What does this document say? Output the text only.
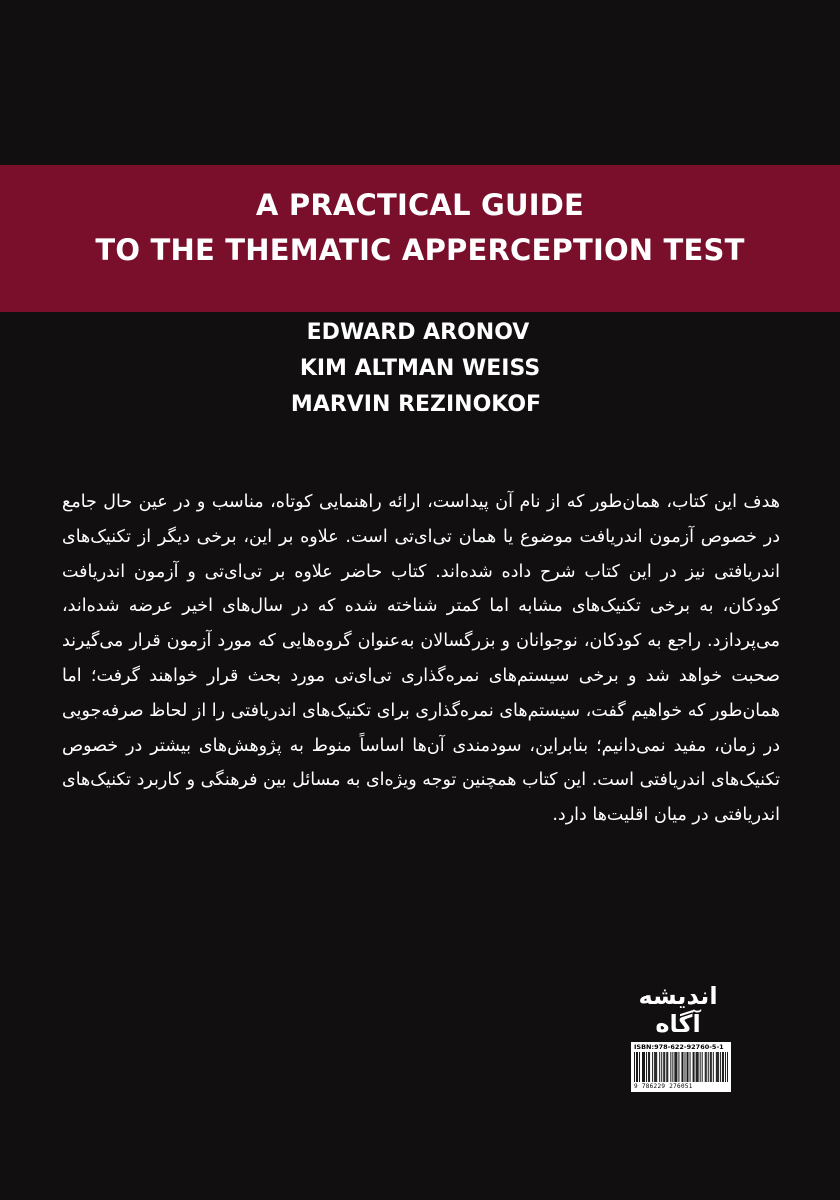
A PRACTICAL GUIDE
TO THE THEMATIC APPERCEPTION TEST
EDWARD ARONOV
KIM ALTMAN WEISS
MARVIN REZINOKOF

هدف این کتاب، همان‌طور که از نام آن پیداست، ارائه راهنمایی کوتاه، مناسب و در عین حال جامع در خصوص آزمون اندریافت موضوع یا همان تی‌ای‌تی است. علاوه بر این، برخی دیگر از تکنیک‌های اندریافتی نیز در این کتاب شرح داده شده‌اند. کتاب حاضر علاوه بر تی‌ای‌تی و آزمون اندریافت کودکان، به برخی تکنیک‌های مشابه اما کمتر شناخته شده که در سال‌های اخیر عرضه شده‌اند، می‌پردازد. راجع به کودکان، نوجوانان و بزرگسالان به‌عنوان گروه‌هایی که مورد آزمون قرار می‌گیرند صحبت خواهد شد و برخی سیستم‌های نمره‌گذاری تی‌ای‌تی مورد بحث قرار خواهند گرفت؛ اما همان‌طور که خواهیم گفت، سیستم‌های نمره‌گذاری برای تکنیک‌های اندریافتی را از لحاظ صرفه‌جویی در زمان، مفید نمی‌دانیم؛ بنابراین، سودمندی آن‌ها اساساً منوط به پژوهش‌های بیشتر در خصوص تکنیک‌های اندریافتی است. این کتاب همچنین توجه ویژه‌ای به مسائل بین فرهنگی و کاربرد تکنیک‌های اندریافتی در میان اقلیت‌ها دارد.

اندیشه
آگاه
ISBN:978-622-92760-5-1
9 786229 276051
